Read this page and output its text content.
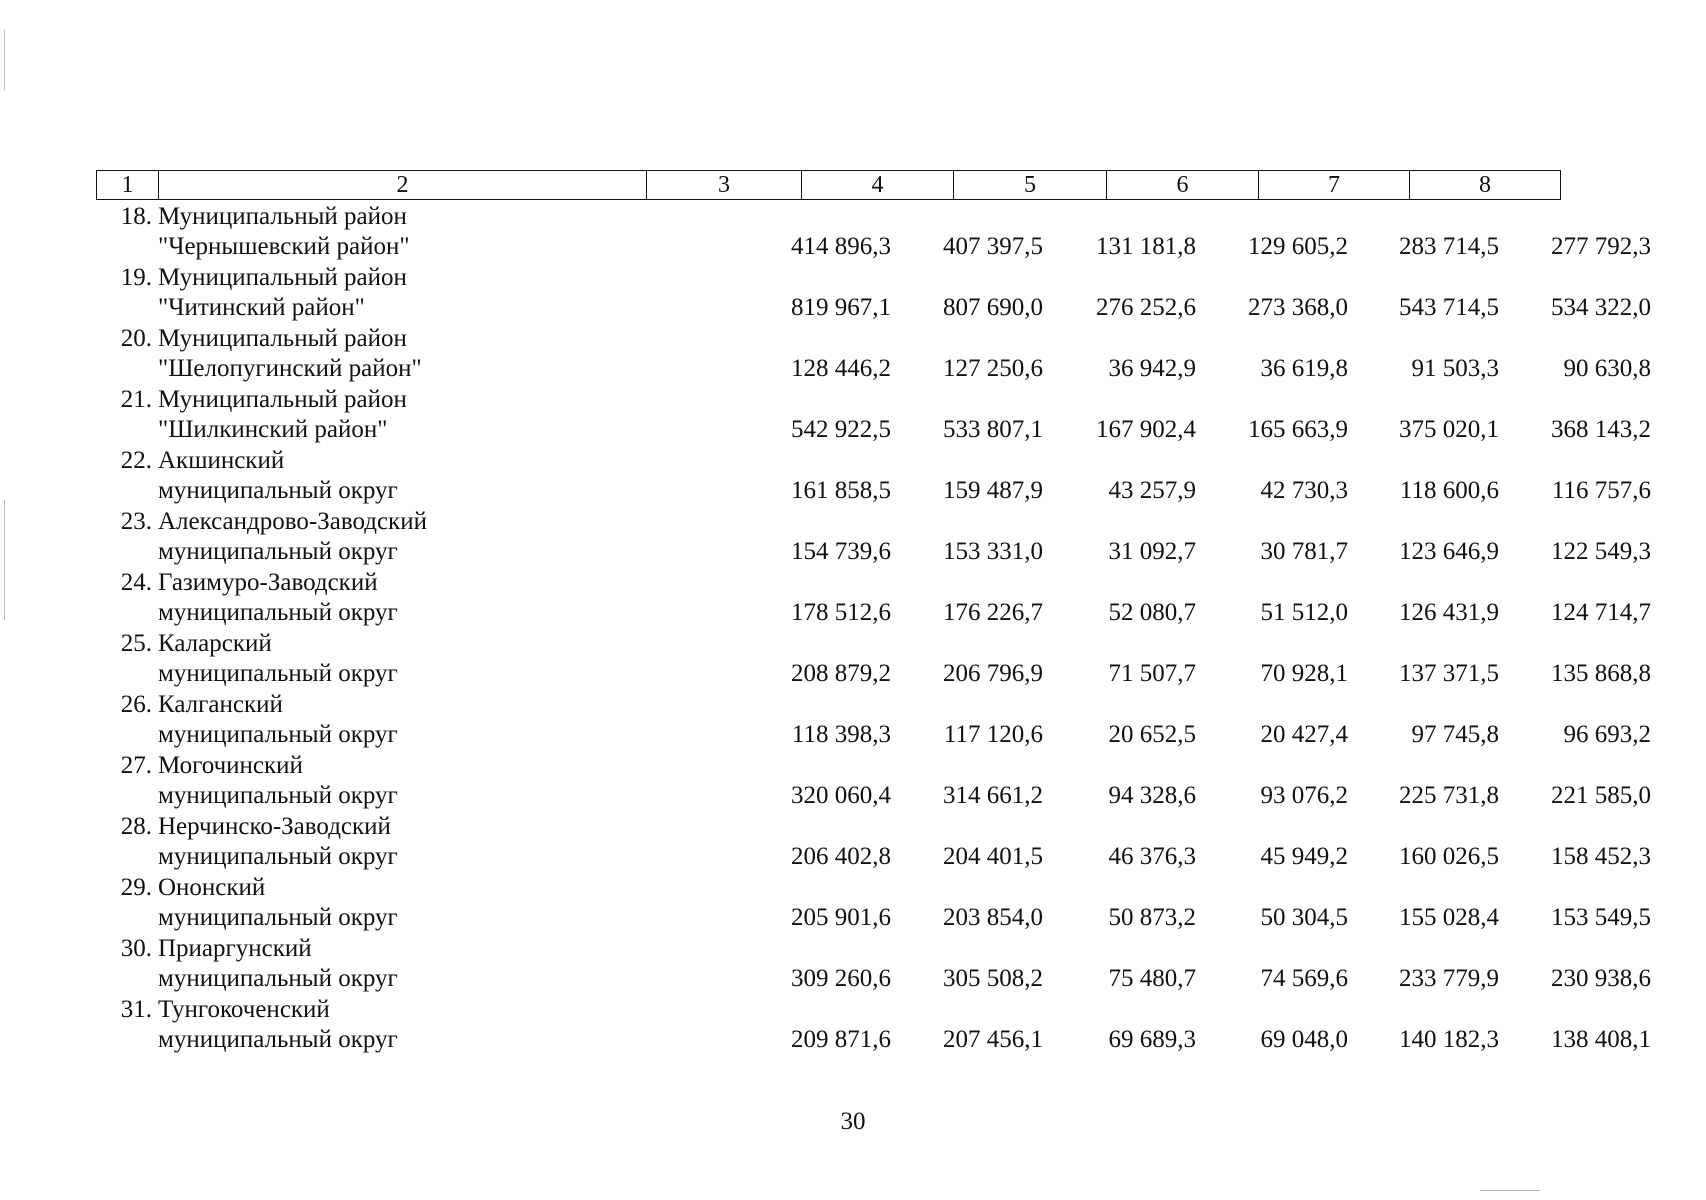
1	2	3	4	5	6	7	8
18. Муниципальный район
"Чернышевский район"	414 896,3	407 397,5	131 181,8	129 605,2	283 714,5	277 792,3
19. Муниципальный район
"Читинский район"	819 967,1	807 690,0	276 252,6	273 368,0	543 714,5	534 322,0
20. Муниципальный район
"Шелопугинский район"	128 446,2	127 250,6	36 942,9	36 619,8	91 503,3	90 630,8
21. Муниципальный район
"Шилкинский район"	542 922,5	533 807,1	167 902,4	165 663,9	375 020,1	368 143,2
22. Акшинский
муниципальный округ	161 858,5	159 487,9	43 257,9	42 730,3	118 600,6	116 757,6
23. Александрово-Заводский
муниципальный округ	154 739,6	153 331,0	31 092,7	30 781,7	123 646,9	122 549,3
24. Газимуро-Заводский
муниципальный округ	178 512,6	176 226,7	52 080,7	51 512,0	126 431,9	124 714,7
25. Каларский
муниципальный округ	208 879,2	206 796,9	71 507,7	70 928,1	137 371,5	135 868,8
26. Калганский
муниципальный округ	118 398,3	117 120,6	20 652,5	20 427,4	97 745,8	96 693,2
27. Могочинский
муниципальный округ	320 060,4	314 661,2	94 328,6	93 076,2	225 731,8	221 585,0
28. Нерчинско-Заводский
муниципальный округ	206 402,8	204 401,5	46 376,3	45 949,2	160 026,5	158 452,3
29. Ононский
муниципальный округ	205 901,6	203 854,0	50 873,2	50 304,5	155 028,4	153 549,5
30. Приаргунский
муниципальный округ	309 260,6	305 508,2	75 480,7	74 569,6	233 779,9	230 938,6
31. Тунгокоченский
муниципальный округ	209 871,6	207 456,1	69 689,3	69 048,0	140 182,3	138 408,1
30
